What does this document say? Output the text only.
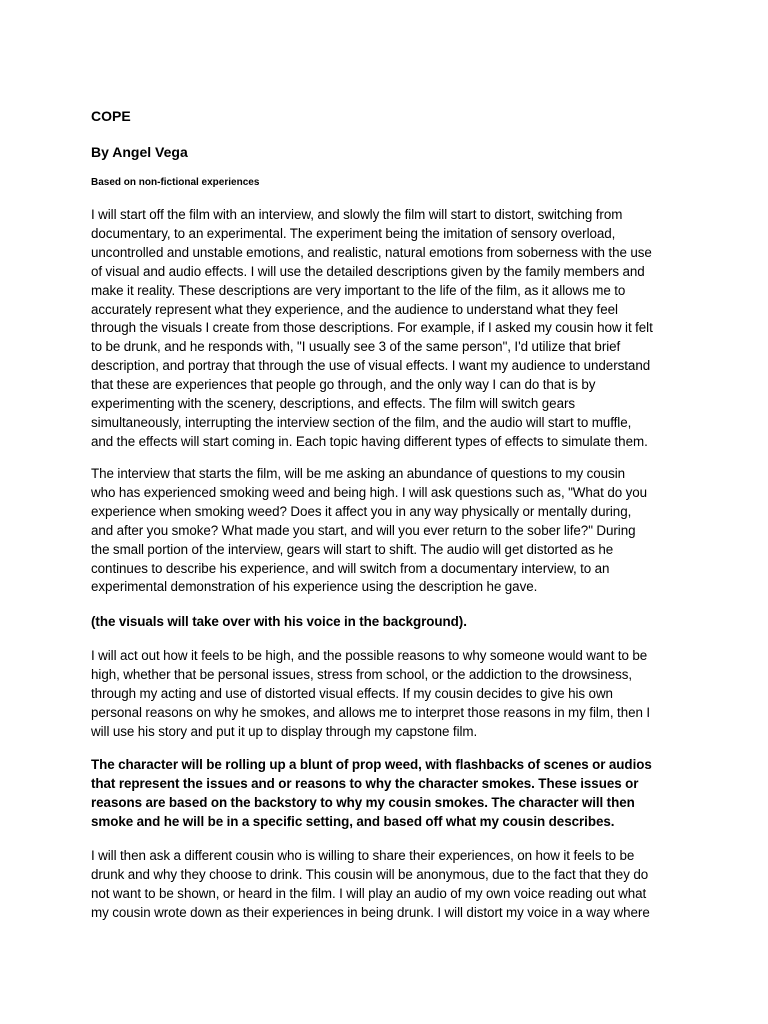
COPE
By Angel Vega

Based on non-fictional experiences

I will start off the film with an interview, and slowly the film will start to distort, switching from
documentary, to an experimental. The experiment being the imitation of sensory overload,
uncontrolled and unstable emotions, and realistic, natural emotions from soberness with the use
of visual and audio effects. I will use the detailed descriptions given by the family members and
make it reality. These descriptions are very important to the life of the film, as it allows me to
accurately represent what they experience, and the audience to understand what they feel
through the visuals I create from those descriptions. For example, if I asked my cousin how it felt
to be drunk, and he responds with, "I usually see 3 of the same person", I'd utilize that brief
description, and portray that through the use of visual effects. I want my audience to understand
that these are experiences that people go through, and the only way I can do that is by
experimenting with the scenery, descriptions, and effects. The film will switch gears
simultaneously, interrupting the interview section of the film, and the audio will start to muffle,
and the effects will start coming in. Each topic having different types of effects to simulate them.

The interview that starts the film, will be me asking an abundance of questions to my cousin
who has experienced smoking weed and being high. I will ask questions such as, "What do you
experience when smoking weed? Does it affect you in any way physically or mentally during,
and after you smoke? What made you start, and will you ever return to the sober life?" During
the small portion of the interview, gears will start to shift. The audio will get distorted as he
continues to describe his experience, and will switch from a documentary interview, to an
experimental demonstration of his experience using the description he gave.

(the visuals will take over with his voice in the background).

I will act out how it feels to be high, and the possible reasons to why someone would want to be
high, whether that be personal issues, stress from school, or the addiction to the drowsiness,
through my acting and use of distorted visual effects. If my cousin decides to give his own
personal reasons on why he smokes, and allows me to interpret those reasons in my film, then I
will use his story and put it up to display through my capstone film.

The character will be rolling up a blunt of prop weed, with flashbacks of scenes or audios
that represent the issues and or reasons to why the character smokes. These issues or
reasons are based on the backstory to why my cousin smokes. The character will then
smoke and he will be in a specific setting, and based off what my cousin describes.

I will then ask a different cousin who is willing to share their experiences, on how it feels to be
drunk and why they choose to drink. This cousin will be anonymous, due to the fact that they do
not want to be shown, or heard in the film. I will play an audio of my own voice reading out what
my cousin wrote down as their experiences in being drunk. I will distort my voice in a way where
